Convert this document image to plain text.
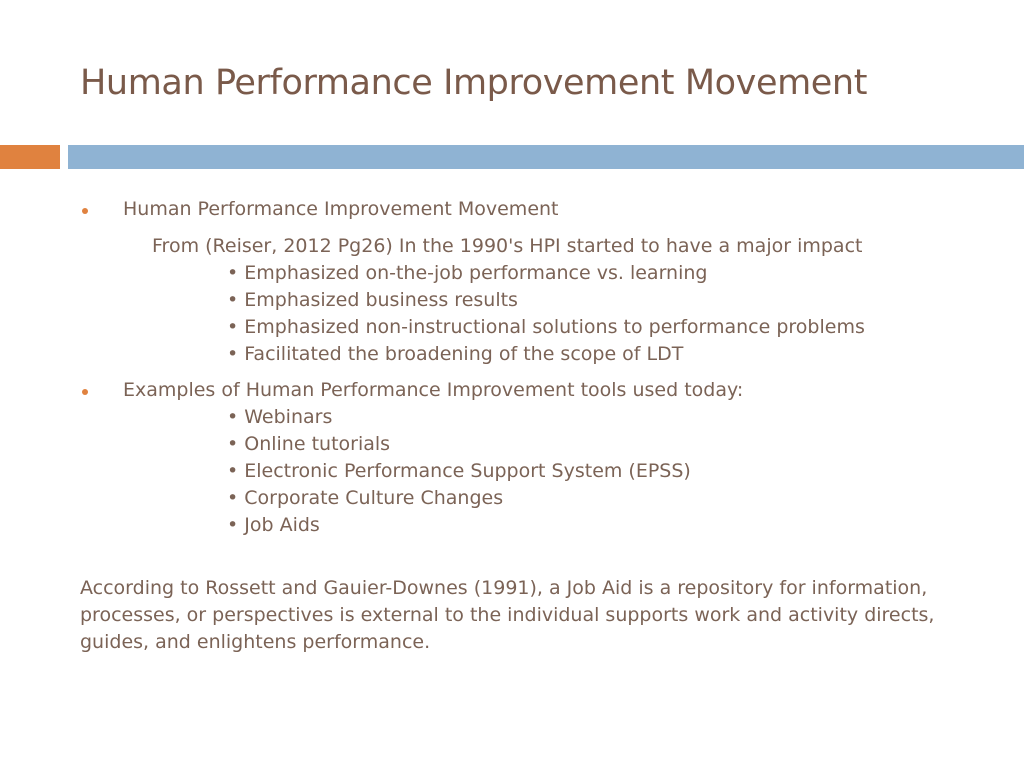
Human Performance Improvement Movement

Human Performance Improvement Movement

From (Reiser, 2012 Pg26) In the 1990's HPI started to have a major impact

• Emphasized on-the-job performance vs. learning
• Emphasized business results
• Emphasized non-instructional solutions to performance problems
• Facilitated the broadening of the scope of LDT

Examples of Human Performance Improvement tools used today:

• Webinars
• Online tutorials
• Electronic Performance Support System (EPSS)
• Corporate Culture Changes
• Job Aids

According to Rossett and Gauier-Downes (1991), a Job Aid is a repository for information, processes, or perspectives is external to the individual supports work and activity directs, guides, and enlightens performance.
